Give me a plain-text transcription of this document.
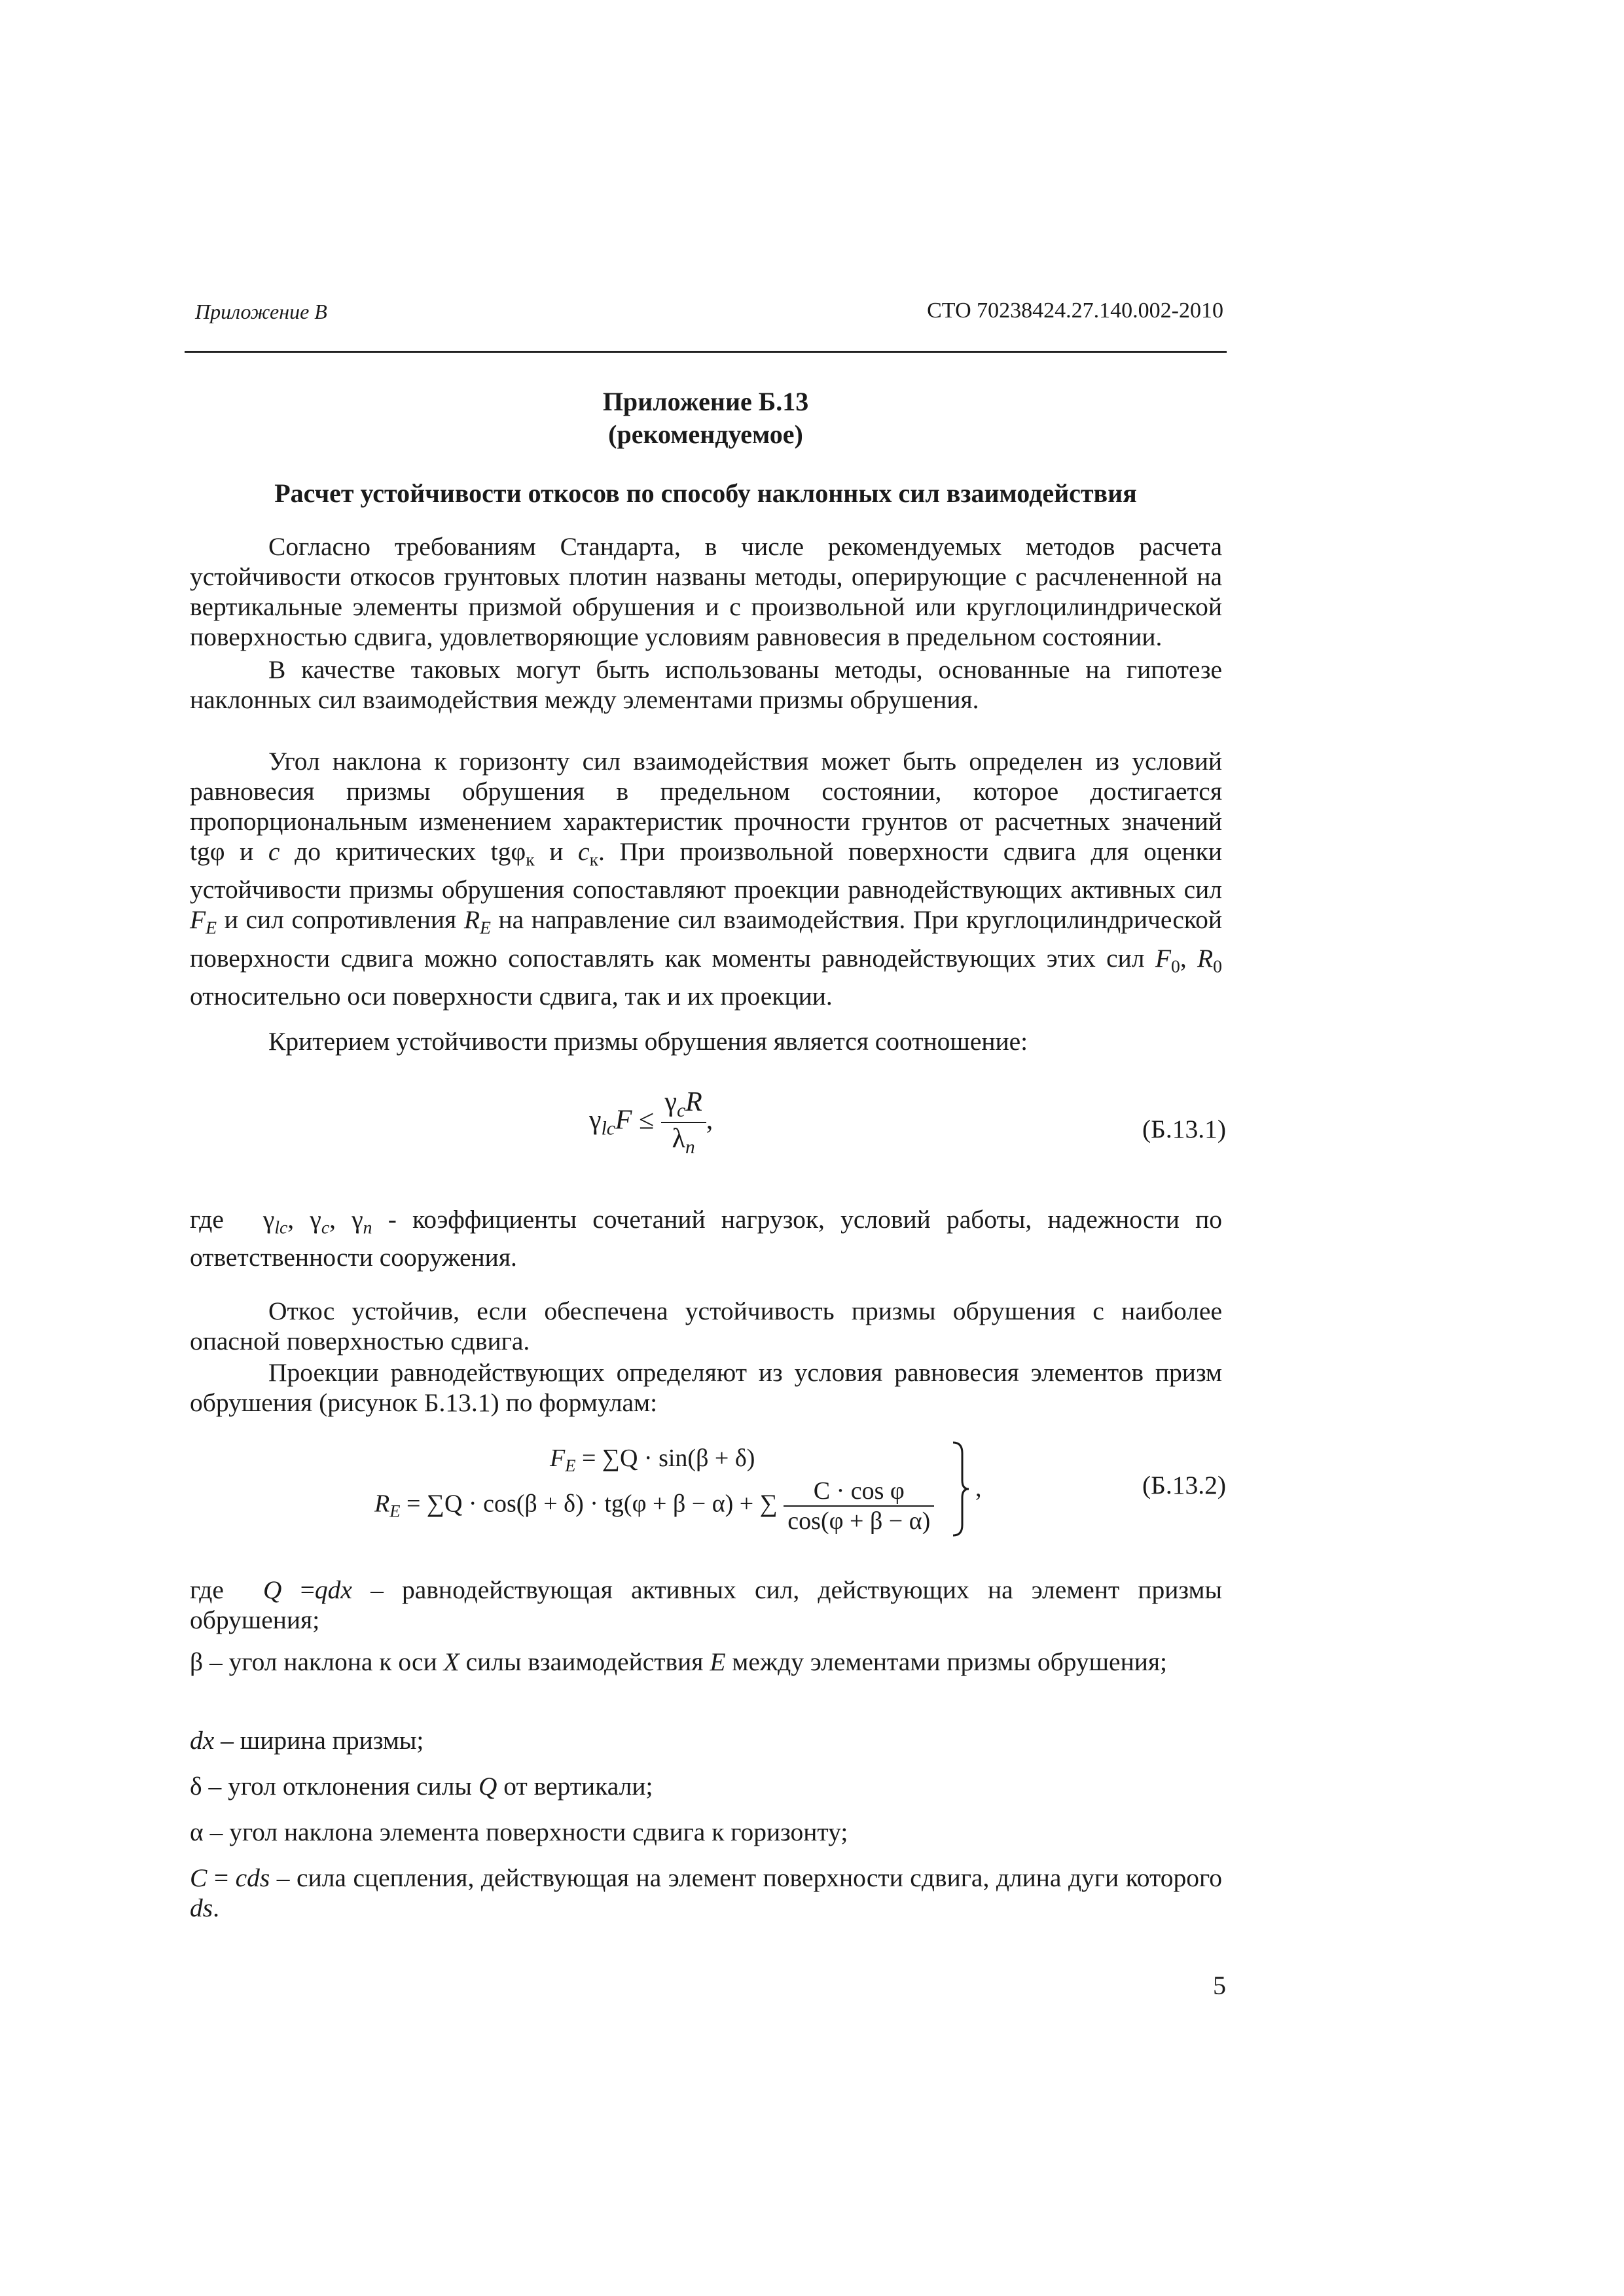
Приложение В	СТО 70238424.27.140.002-2010
Приложение Б.13
(рекомендуемое)
Расчет устойчивости откосов по способу наклонных сил взаимодействия
Согласно требованиям Стандарта, в числе рекомендуемых методов расчета устойчивости откосов грунтовых плотин названы методы, оперирующие с расчлененной на вертикальные элементы призмой обрушения и с произвольной или круглоцилиндрической поверхностью сдвига, удовлетворяющие условиям равновесия в предельном состоянии.
В качестве таковых могут быть использованы методы, основанные на гипотезе наклонных сил взаимодействия между элементами призмы обрушения.
Угол наклона к горизонту сил взаимодействия может быть определен из условий равновесия призмы обрушения в предельном состоянии, которое достигается пропорциональным изменением характеристик прочности грунтов от расчетных значений tgφ и c до критических tgφ$_к$ и $c_к$. При произвольной поверхности сдвига для оценки устойчивости призмы обрушения сопоставляют проекции равнодействующих активных сил $F_E$ и сил сопротивления $R_E$ на направление сил взаимодействия. При круглоцилиндрической поверхности сдвига можно сопоставлять как моменты равнодействующих этих сил $F_0$, $R_0$ относительно оси поверхности сдвига, так и их проекции.
Критерием устойчивости призмы обрушения является соотношение:
$\gamma_{lc}F \le \frac{\gamma_cR}{\lambda_n}$ ,	(Б.13.1)
где $\gamma_{lc}$, $\gamma_c$, $\gamma_n$ - коэффициенты сочетаний нагрузок, условий работы, надежности по ответственности сооружения.
Откос устойчив, если обеспечена устойчивость призмы обрушения с наиболее опасной поверхностью сдвига.
Проекции равнодействующих определяют из условия равновесия элементов призм обрушения (рисунок Б.13.1) по формулам:
$F_E = \sum Q \cdot \sin(\beta + \delta)$
$R_E = \sum Q \cdot \cos(\beta + \delta) \cdot tg(\varphi + \beta - \alpha)$ + ∑ $\frac{\text{C · cos φ}}{\cos(\varphi + \beta - \alpha)}$ ,	(Б.13.2)
где Q =qdx – равнодействующая активных сил, действующих на элемент призмы обрушения;
β – угол наклона к оси X силы взаимодействия E между элементами призмы обрушения;
dx – ширина призмы;
δ – угол отклонения силы Q от вертикали;
α – угол наклона элемента поверхности сдвига к горизонту;
C = cds – сила сцепления, действующая на элемент поверхности сдвига, длина дуги которого ds.
5
